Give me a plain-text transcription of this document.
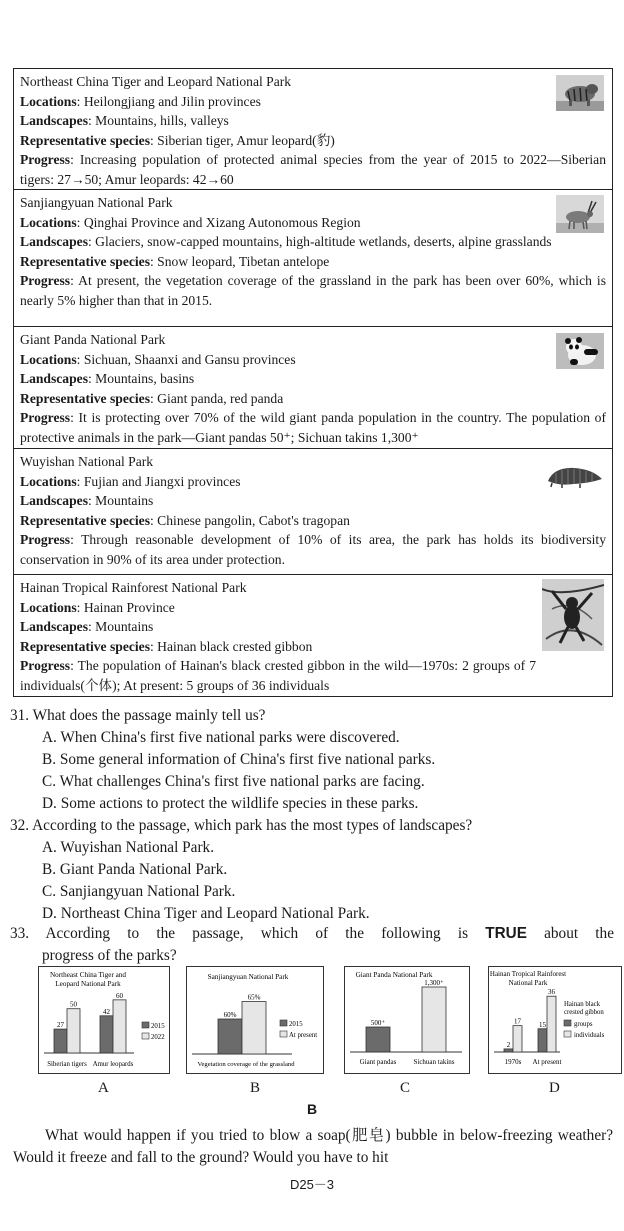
Northeast China Tiger and Leopard National Park

Locations: Heilongjiang and Jilin provinces

Landscapes: Mountains, hills, valleys

Representative species: Siberian tiger, Amur leopard(豹)

Progress: Increasing population of protected animal species from the year of 2015 to 2022—Siberian tigers: 27→50; Amur leopards: 42→60

Sanjiangyuan National Park

Locations: Qinghai Province and Xizang Autonomous Region

Landscapes: Glaciers, snow-capped mountains, high-altitude wetlands, deserts, alpine grasslands

Representative species: Snow leopard, Tibetan antelope

Progress: At present, the vegetation coverage of the grassland in the park has been over 60%, which is nearly 5% higher than that in 2015.

Giant Panda National Park

Locations: Sichuan, Shaanxi and Gansu provinces

Landscapes: Mountains, basins

Representative species: Giant panda, red panda

Progress: It is protecting over 70% of the wild giant panda population in the country. The population of protective animals in the park—Giant pandas 50⁺; Sichuan takins 1,300⁺

Wuyishan National Park

Locations: Fujian and Jiangxi provinces

Landscapes: Mountains

Representative species: Chinese pangolin, Cabot's tragopan

Progress: Through reasonable development of 10% of its area, the park has holds its biodiversity conservation in 90% of its area under protection.

Hainan Tropical Rainforest National Park

Locations: Hainan Province

Landscapes: Mountains

Representative species: Hainan black crested gibbon

Progress: The population of Hainan's black crested gibbon in the wild—1970s: 2 groups of 7 individuals(个体); At present: 5 groups of 36 individuals

31. What does the passage mainly tell us?

A. When China's first five national parks were discovered.

B. Some general information of China's first five national parks.

C. What challenges China's first five national parks are facing.

D. Some actions to protect the wildlife species in these parks.

32. According to the passage, which park has the most types of landscapes?

A. Wuyishan National Park.

B. Giant Panda National Park.

C. Sanjiangyuan National Park.

D. Northeast China Tiger and Leopard National Park.

33. According to the passage, which of the following is TRUE about the

progress of the parks?

Northeast China Tiger and
Leopard National Park
27
50
Siberian tigers
42
60
Amur leopards
2015
2022
Sanjiangyuan National Park
60%
65%
Vegetation coverage of the grassland
2015
At present
Giant Panda National Park
500⁺
Giant pandas
1,300⁺
Sichuan takins
Hainan Tropical Rainforest
National Park
2
17
1970s
15
36
At present
Hainan black
crested gibbon
groups
individuals
A	B	C	D
B

What would happen if you tried to blow a soap(肥皂) bubble in below-freezing weather? Would it freeze and fall to the ground? Would you have to hit

D25－3
